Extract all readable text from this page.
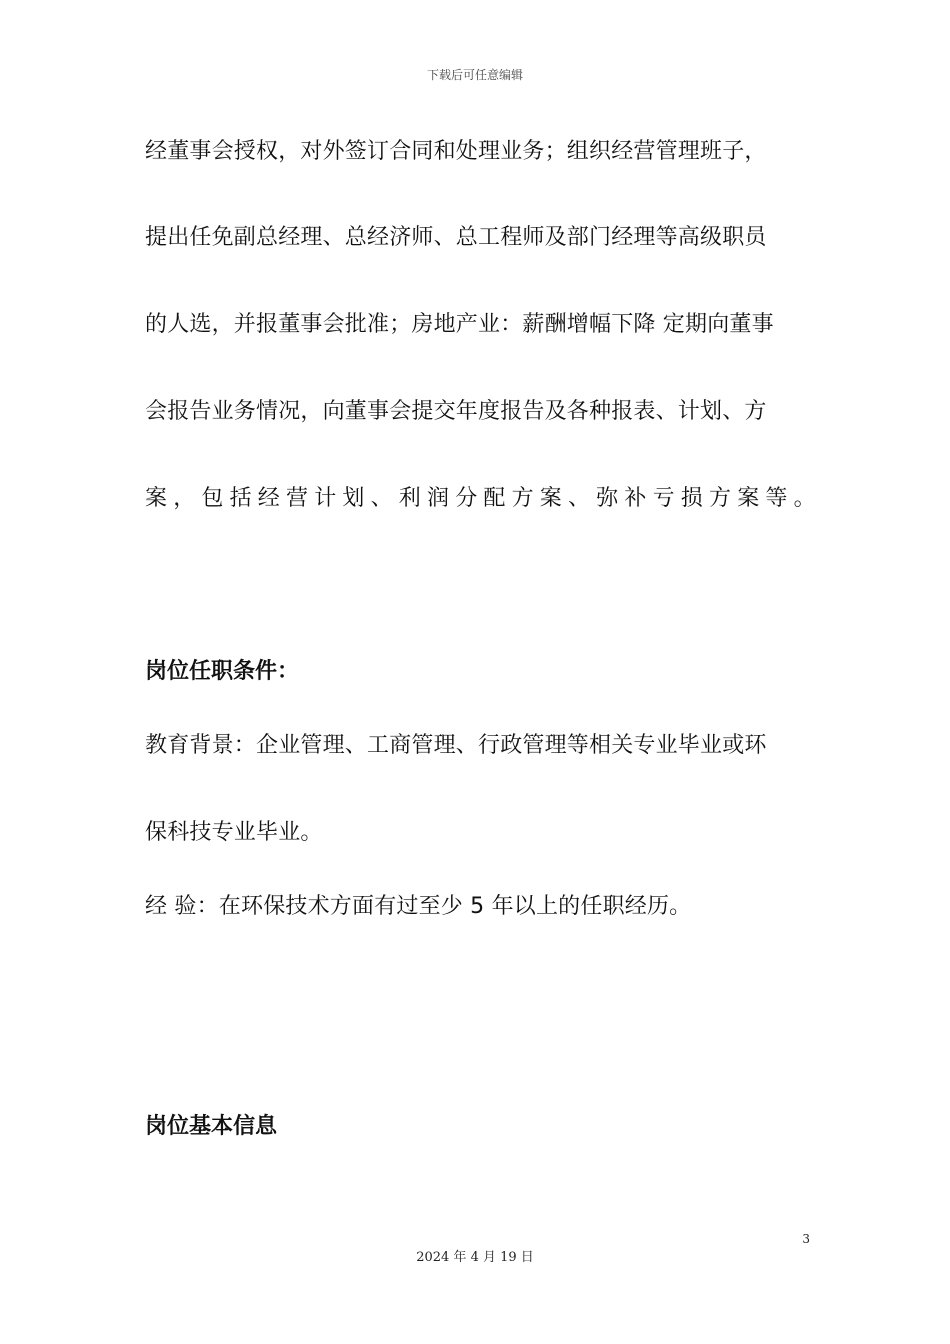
下载后可任意编辑
经董事会授权，对外签订合同和处理业务；组织经营管理班子，
提出任免副总经理、总经济师、总工程师及部门经理等高级职员
的人选，并报董事会批准；房地产业：薪酬增幅下降 定期向董事
会报告业务情况，向董事会提交年度报告及各种报表、计划、方
案，包括经营计划、利润分配方案、弥补亏损方案等。
岗位任职条件：
教育背景：企业管理、工商管理、行政管理等相关专业毕业或环
保科技专业毕业。
经 验：在环保技术方面有过至少 5 年以上的任职经历。
岗位基本信息
3
2024 年 4 月 19 日
